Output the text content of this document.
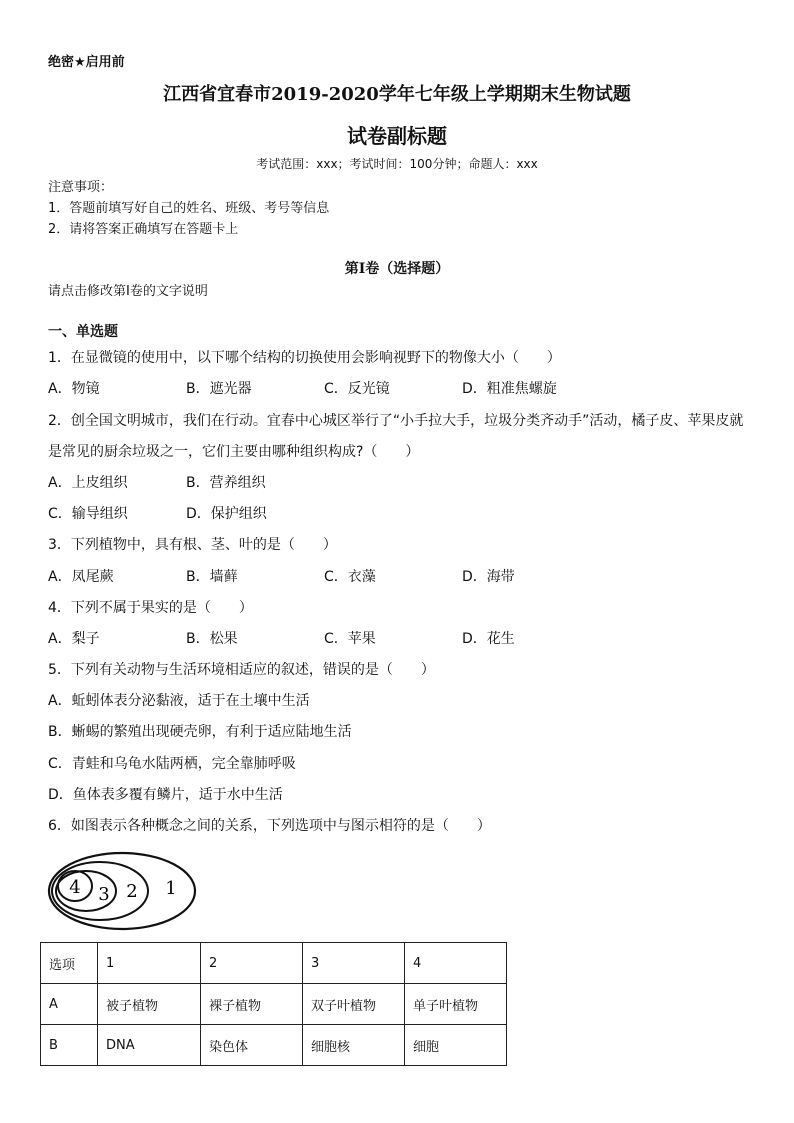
绝密★启用前
江西省宜春市2019-2020学年七年级上学期期末生物试题
试卷副标题
考试范围：xxx；考试时间：100分钟；命题人：xxx
注意事项：
1．答题前填写好自己的姓名、班级、考号等信息
2．请将答案正确填写在答题卡上
第I卷（选择题）
请点击修改第I卷的文字说明
一、单选题
1．在显微镜的使用中，以下哪个结构的切换使用会影响视野下的物像大小（　　）
A．物镜	B．遮光器	C．反光镜	D．粗准焦螺旋
2．创全国文明城市，我们在行动。宜春中心城区举行了“小手拉大手，垃圾分类齐动手”活动，橘子皮、苹果皮就
是常见的厨余垃圾之一，它们主要由哪种组织构成?（　　）
A．上皮组织	B．营养组织
C．输导组织	D．保护组织
3．下列植物中，具有根、茎、叶的是（　　）
A．凤尾蕨	B．墙藓	C．衣藻	D．海带
4．下列不属于果实的是（　　）
A．梨子	B．松果	C．苹果	D．花生
5．下列有关动物与生活环境相适应的叙述，错误的是（　　）
A．蚯蚓体表分泌黏液，适于在土壤中生活
B．蜥蜴的繁殖出现硬壳卵，有利于适应陆地生活
C．青蛙和乌龟水陆两栖，完全靠肺呼吸
D．鱼体表多覆有鳞片，适于水中生活
6．如图表示各种概念之间的关系，下列选项中与图示相符的是（　　）
4 3 2 1
选项	1	2	3	4
A	被子植物	裸子植物	双子叶植物	单子叶植物
B	DNA	染色体	细胞核	细胞
